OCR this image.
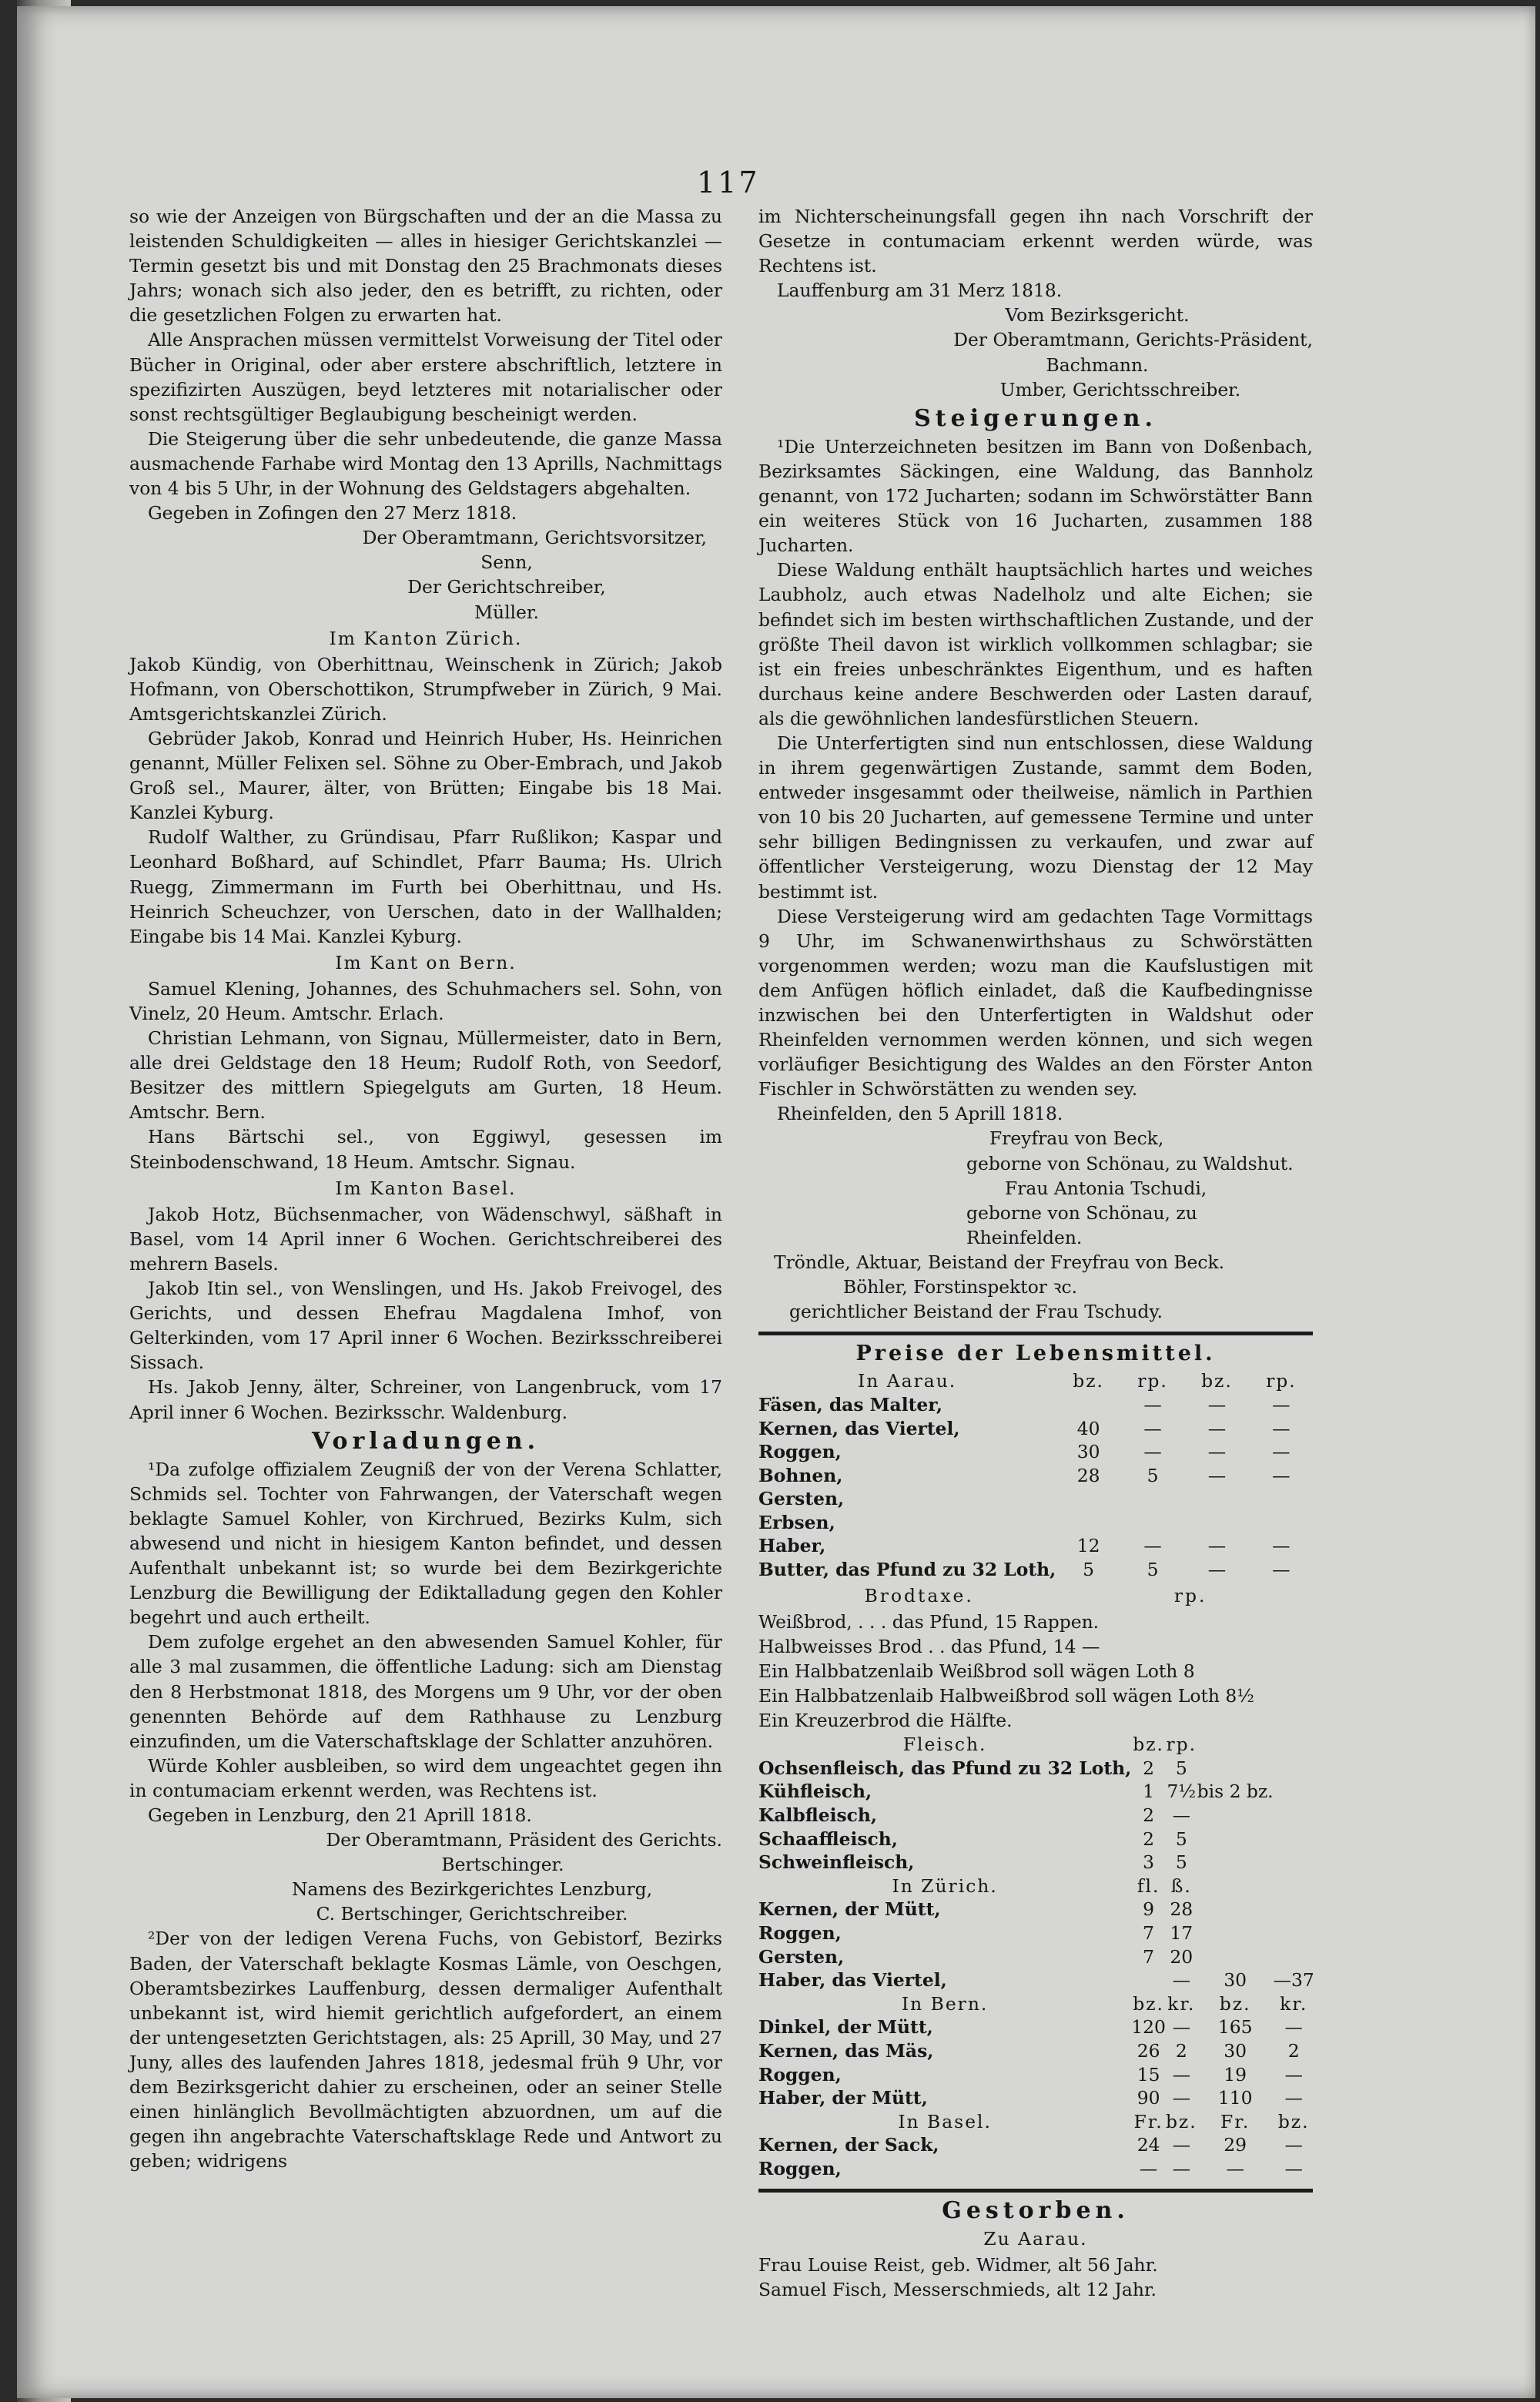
117

so wie der Anzeigen von Bürgschaften und der an die Massa zu leistenden Schuldigkeiten — alles in hiesiger Gerichtskanzlei — Termin gesetzt bis und mit Donstag den 25 Brachmonats dieses Jahrs; wonach sich also jeder, den es betrifft, zu richten, oder die gesetzlichen Folgen zu erwarten hat.

Alle Ansprachen müssen vermittelst Vorweisung der Titel oder Bücher in Original, oder aber erstere abschriftlich, letztere in spezifizirten Auszügen, beyd letzteres mit notarialischer oder sonst rechtsgültiger Beglaubigung bescheinigt werden.

Die Steigerung über die sehr unbedeutende, die ganze Massa ausmachende Farhabe wird Montag den 13 Aprills, Nachmittags von 4 bis 5 Uhr, in der Wohnung des Geldstagers abgehalten.

Gegeben in Zofingen den 27 Merz 1818.

Der Oberamtmann, Gerichtsvorsitzer,

Senn,

Der Gerichtschreiber,

Müller.

Im Kanton Zürich.

Jakob Kündig, von Oberhittnau, Weinschenk in Zürich; Jakob Hofmann, von Oberschottikon, Strumpfweber in Zürich, 9 Mai. Amtsgerichtskanzlei Zürich.

Gebrüder Jakob, Konrad und Heinrich Huber, Hs. Heinrichen genannt, Müller Felixen sel. Söhne zu Ober-Embrach, und Jakob Groß sel., Maurer, älter, von Brütten; Eingabe bis 18 Mai. Kanzlei Kyburg.

Rudolf Walther, zu Gründisau, Pfarr Rußlikon; Kaspar und Leonhard Boßhard, auf Schindlet, Pfarr Bauma; Hs. Ulrich Ruegg, Zimmermann im Furth bei Oberhittnau, und Hs. Heinrich Scheuchzer, von Uerschen, dato in der Wallhalden; Eingabe bis 14 Mai. Kanzlei Kyburg.

Im Kant on Bern.

Samuel Klening, Johannes, des Schuhmachers sel. Sohn, von Vinelz, 20 Heum. Amtschr. Erlach.

Christian Lehmann, von Signau, Müllermeister, dato in Bern, alle drei Geldstage den 18 Heum; Rudolf Roth, von Seedorf, Besitzer des mittlern Spiegelguts am Gurten, 18 Heum. Amtschr. Bern.

Hans Bärtschi sel., von Eggiwyl, gesessen im Steinbodenschwand, 18 Heum. Amtschr. Signau.

Im Kanton Basel.

Jakob Hotz, Büchsenmacher, von Wädenschwyl, säßhaft in Basel, vom 14 April inner 6 Wochen. Gerichtschreiberei des mehrern Basels.

Jakob Itin sel., von Wenslingen, und Hs. Jakob Freivogel, des Gerichts, und dessen Ehefrau Magdalena Imhof, von Gelterkinden, vom 17 April inner 6 Wochen. Bezirksschreiberei Sissach.

Hs. Jakob Jenny, älter, Schreiner, von Langenbruck, vom 17 April inner 6 Wochen. Bezirksschr. Waldenburg.

Vorladungen.

¹Da zufolge offizialem Zeugniß der von der Verena Schlatter, Schmids sel. Tochter von Fahrwangen, der Vaterschaft wegen beklagte Samuel Kohler, von Kirchrued, Bezirks Kulm, sich abwesend und nicht in hiesigem Kanton befindet, und dessen Aufenthalt unbekannt ist; so wurde bei dem Bezirkgerichte Lenzburg die Bewilligung der Ediktalladung gegen den Kohler begehrt und auch ertheilt.

Dem zufolge ergehet an den abwesenden Samuel Kohler, für alle 3 mal zusammen, die öffentliche Ladung: sich am Dienstag den 8 Herbstmonat 1818, des Morgens um 9 Uhr, vor der oben genennten Behörde auf dem Rathhause zu Lenzburg einzufinden, um die Vaterschaftsklage der Schlatter anzuhören.

Würde Kohler ausbleiben, so wird dem ungeachtet gegen ihn in contumaciam erkennt werden, was Rechtens ist.

Gegeben in Lenzburg, den 21 Aprill 1818.

Der Oberamtmann, Präsident des Gerichts.

Bertschinger.

Namens des Bezirkgerichtes Lenzburg,

C. Bertschinger, Gerichtschreiber.

²Der von der ledigen Verena Fuchs, von Gebistorf, Bezirks Baden, der Vaterschaft beklagte Kosmas Lämle, von Oeschgen, Oberamtsbezirkes Lauffenburg, dessen dermaliger Aufenthalt unbekannt ist, wird hiemit gerichtlich aufgefordert, an einem der untengesetzten Gerichtstagen, als: 25 Aprill, 30 May, und 27 Juny, alles des laufenden Jahres 1818, jedesmal früh 9 Uhr, vor dem Bezirksgericht dahier zu erscheinen, oder an seiner Stelle einen hinlänglich Bevollmächtigten abzuordnen, um auf die gegen ihn angebrachte Vaterschaftsklage Rede und Antwort zu geben; widrigens

im Nichterscheinungsfall gegen ihn nach Vorschrift der Gesetze in contumaciam erkennt werden würde, was Rechtens ist.

Lauffenburg am 31 Merz 1818.

Vom Bezirksgericht.

Der Oberamtmann, Gerichts-Präsident,

Bachmann.

Umber, Gerichtsschreiber.

Steigerungen.

¹Die Unterzeichneten besitzen im Bann von Doßenbach, Bezirksamtes Säckingen, eine Waldung, das Bannholz genannt, von 172 Jucharten; sodann im Schwörstätter Bann ein weiteres Stück von 16 Jucharten, zusammen 188 Jucharten.

Diese Waldung enthält hauptsächlich hartes und weiches Laubholz, auch etwas Nadelholz und alte Eichen; sie befindet sich im besten wirthschaftlichen Zustande, und der größte Theil davon ist wirklich vollkommen schlagbar; sie ist ein freies unbeschränktes Eigenthum, und es haften durchaus keine andere Beschwerden oder Lasten darauf, als die gewöhnlichen landesfürstlichen Steuern.

Die Unterfertigten sind nun entschlossen, diese Waldung in ihrem gegenwärtigen Zustande, sammt dem Boden, entweder insgesammt oder theilweise, nämlich in Parthien von 10 bis 20 Jucharten, auf gemessene Termine und unter sehr billigen Bedingnissen zu verkaufen, und zwar auf öffentlicher Versteigerung, wozu Dienstag der 12 May bestimmt ist.

Diese Versteigerung wird am gedachten Tage Vormittags 9 Uhr, im Schwanenwirthshaus zu Schwörstätten vorgenommen werden; wozu man die Kaufslustigen mit dem Anfügen höflich einladet, daß die Kaufbedingnisse inzwischen bei den Unterfertigten in Waldshut oder Rheinfelden vernommen werden können, und sich wegen vorläufiger Besichtigung des Waldes an den Förster Anton Fischler in Schwörstätten zu wenden sey.

Rheinfelden, den 5 Aprill 1818.

Freyfrau von Beck,

geborne von Schönau, zu Waldshut.

Frau Antonia Tschudi,

geborne von Schönau, zu Rheinfelden.

Tröndle, Aktuar, Beistand der Freyfrau von Beck.

Böhler, Forstinspektor ꝛc.

gerichtlicher Beistand der Frau Tschudy.

Preise der Lebensmittel.

In Aarau.	bz.	rp.	bz.	rp.
Fäsen, das Malter,		—	—	—
Kernen, das Viertel,	40	—	—	—
Roggen,	30	—	—	—
Bohnen,	28	5	—	—
Gersten,				
Erbsen,				
Haber,	12	—	—	—
Butter, das Pfund zu 32 Loth,	5	5	—	—

Brodtaxe.	rp.

Weißbrod, . . . das Pfund, 15 Rappen.

Halbweisses Brod . . das Pfund, 14 —

Ein Halbbatzenlaib Weißbrod soll wägen Loth 8

Ein Halbbatzenlaib Halbweißbrod soll wägen Loth 8½

Ein Kreuzerbrod die Hälfte.

Fleisch.	bz.	rp.		
Ochsenfleisch, das Pfund zu 32 Loth,	2	5		
Kühfleisch,	1	7½	bis 2 bz.	
Kalbfleisch,	2	—		
Schaaffleisch,	2	5		
Schweinfleisch,	3	5		
In Zürich.	fl.	ß.		
Kernen, der Mütt,	9	28		
Roggen,	7	17		
Gersten,	7	20		
Haber, das Viertel,		—	30	—37
In Bern.	bz.	kr.	bz.	kr.
Dinkel, der Mütt,	120	—	165	—
Kernen, das Mäs,	26	2	30	2
Roggen,	15	—	19	—
Haber, der Mütt,	90	—	110	—
In Basel.	Fr.	bz.	Fr.	bz.
Kernen, der Sack,	24	—	29	—
Roggen,	—	—	—	—

Gestorben.

Zu Aarau.

Frau Louise Reist, geb. Widmer, alt 56 Jahr.

Samuel Fisch, Messerschmieds, alt 12 Jahr.
